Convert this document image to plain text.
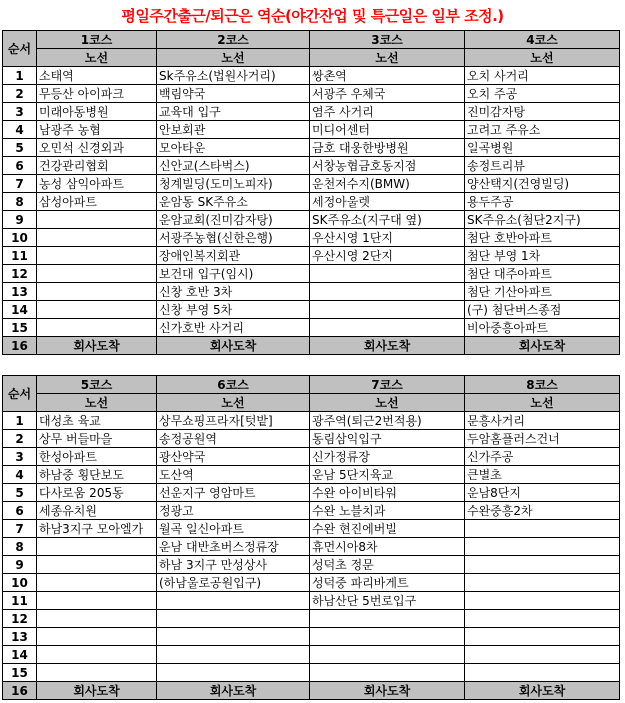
평일주간출근/퇴근은 역순(야간잔업 및 특근일은 일부 조정.)
순서	1코스	2코스	3코스	4코스
	노선	노선	노선	노선
1	소태역	Sk주유소(법원사거리)	쌍촌역	오치 사거리
2	무등산 아이파크	백림약국	서광주 우체국	오치 주공
3	미래아동병원	교육대 입구	염주 사거리	진미감자탕
4	남광주 농협	안보회관	미디어센터	고려고 주유소
5	오민석 신경외과	모아타운	금호 대웅한방병원	일곡병원
6	건강관리협회	신안교(스타벅스)	서창농협금호동지점	송정트리뷰
7	농성 삼익아파트	청계빌딩(도미노피자)	운천저수지(BMW)	양산택지(건영빌딩)
8	삼성아파트	운암동 SK주유소	세정아울렛	용두주공
9		운암교회(진미감자탕)	SK주유소(지구대 옆)	SK주유소(첨단2지구)
10		서광주농협(신한은행)	우산시영 1단지	첨단 호반아파트
11		장애인복지회관	우산시영 2단지	첨단 부영 1차
12		보건대 입구(임시)		첨단 대주아파트
13		신창 호반 3차		첨단 기산아파트
14		신창 부영 5차		(구) 첨단버스종점
15		신가호반 사거리		비아중흥아파트
16	회사도착	회사도착	회사도착	회사도착
순서	5코스	6코스	7코스	8코스
	노선	노선	노선	노선
1	대성초 육교	상무쇼핑프라자[텃밭]	광주역(퇴근2번적용)	문흥사거리
2	상무 버들마을	송정공원역	동림삼익입구	두암홈플러스건너
3	한성아파트	광산약국	신가정류장	신가주공
4	하남중 횡단보도	도산역	운남 5단지육교	큰별초
5	다사로움 205동	선운지구 영암마트	수완 아이비타워	운남8단지
6	세종유치원	정광고	수완 노블치과	수완중흥2차
7	하남3지구 모아엘가	월곡 일신아파트	수완 현진에버빌	
8		운남 대반초버스정류장	휴먼시아8차	
9		하남 3지구 만성상사	성덕초 정문	
10		(하남울로공원입구)	성덕중 파리바게트	
11			하남산단 5번로입구	
12				
13				
14				
15				
16	회사도착	회사도착	회사도착	회사도착
